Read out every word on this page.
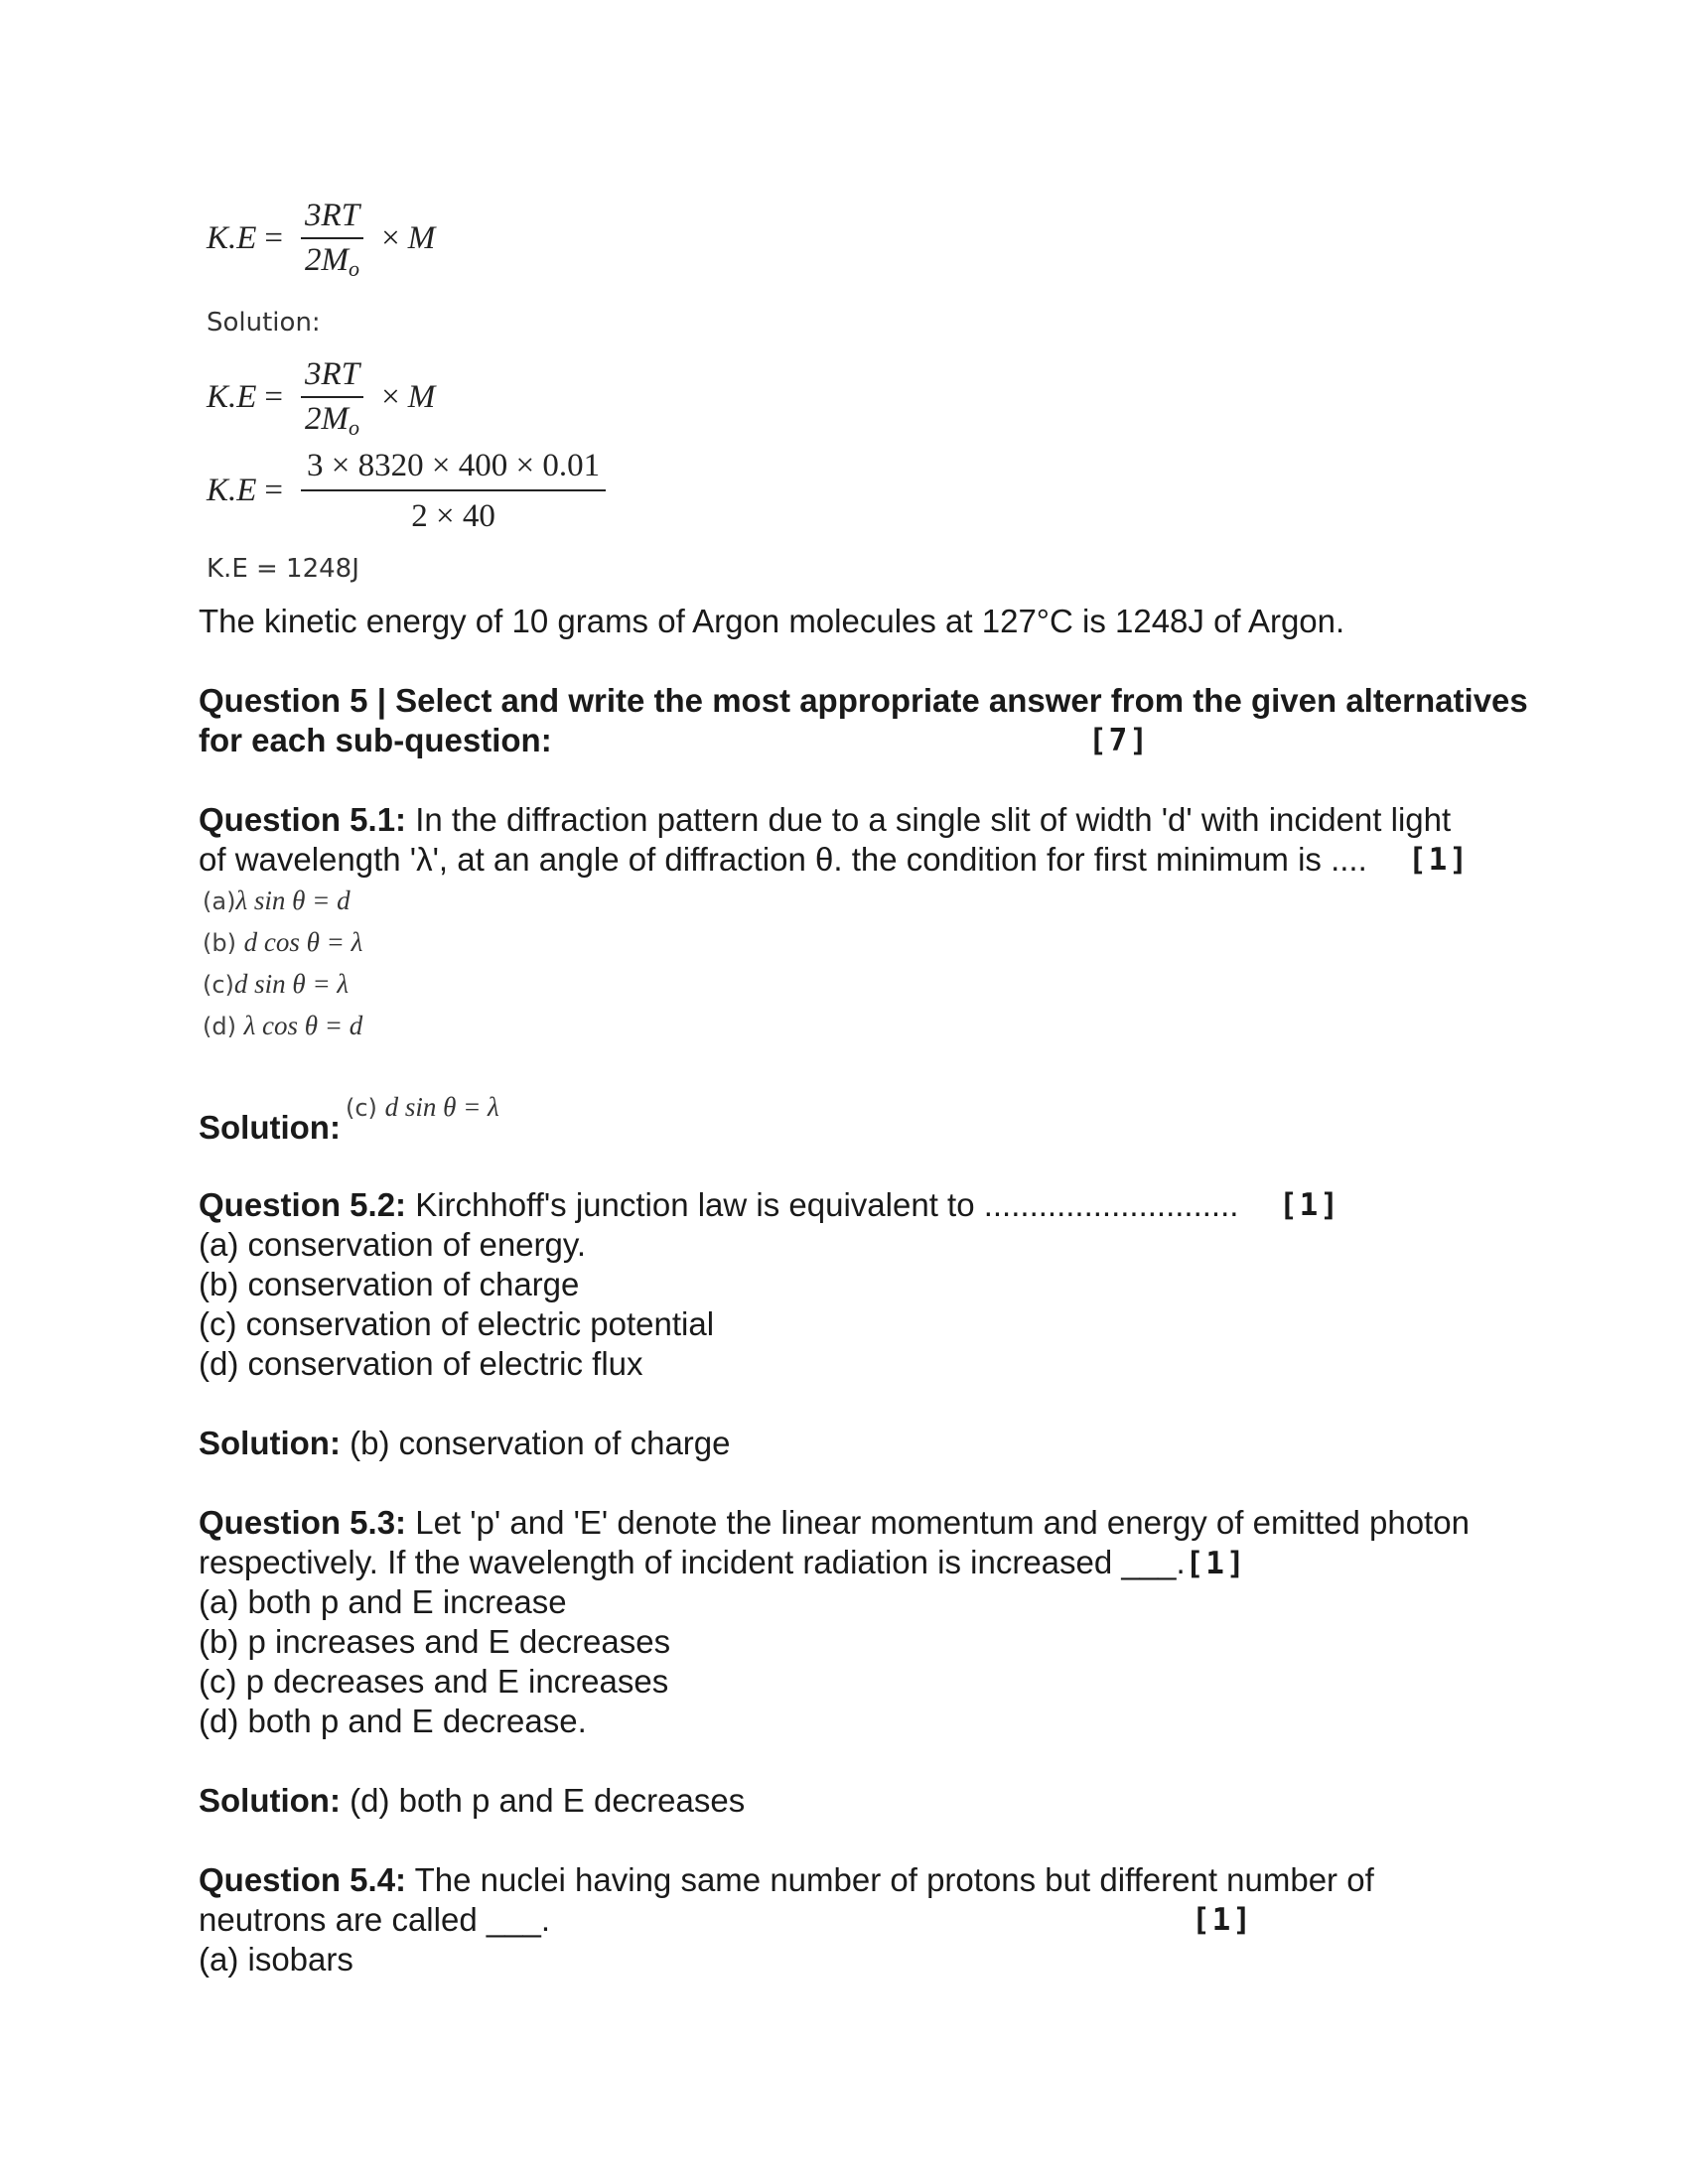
$K.E = \frac{3RT}{2M_o} \times M$
Solution:
$K.E = \frac{3RT}{2M_o} \times M$
$K.E = \frac{3 \times 8320 \times 400 \times 0.01}{2 \times 40}$
K.E = 1248J
The kinetic energy of 10 grams of Argon molecules at 127°C is 1248J of Argon.
Question 5 | Select and write the most appropriate answer from the given alternatives
for each sub-question:	[7]
Question 5.1: In the diffraction pattern due to a single slit of width 'd' with incident light
of wavelength 'λ', at an angle of diffraction θ. the condition for first minimum is .... [1]
(a)λ sin θ = d
(b) d cos θ = λ
(c)d sin θ = λ
(d) λ cos θ = d
Solution:
(c) d sin θ = λ
Question 5.2: Kirchhoff's junction law is equivalent to ............................ [1]
(a) conservation of energy.
(b) conservation of charge
(c) conservation of electric potential
(d) conservation of electric flux
Solution: (b) conservation of charge
Question 5.3: Let 'p' and 'E' denote the linear momentum and energy of emitted photon
respectively. If the wavelength of incident radiation is increased ___.[1]
(a) both p and E increase
(b) p increases and E decreases
(c) p decreases and E increases
(d) both p and E decrease.
Solution: (d) both p and E decreases
Question 5.4: The nuclei having same number of protons but different number of
neutrons are called ___.	[1]
(a) isobars
